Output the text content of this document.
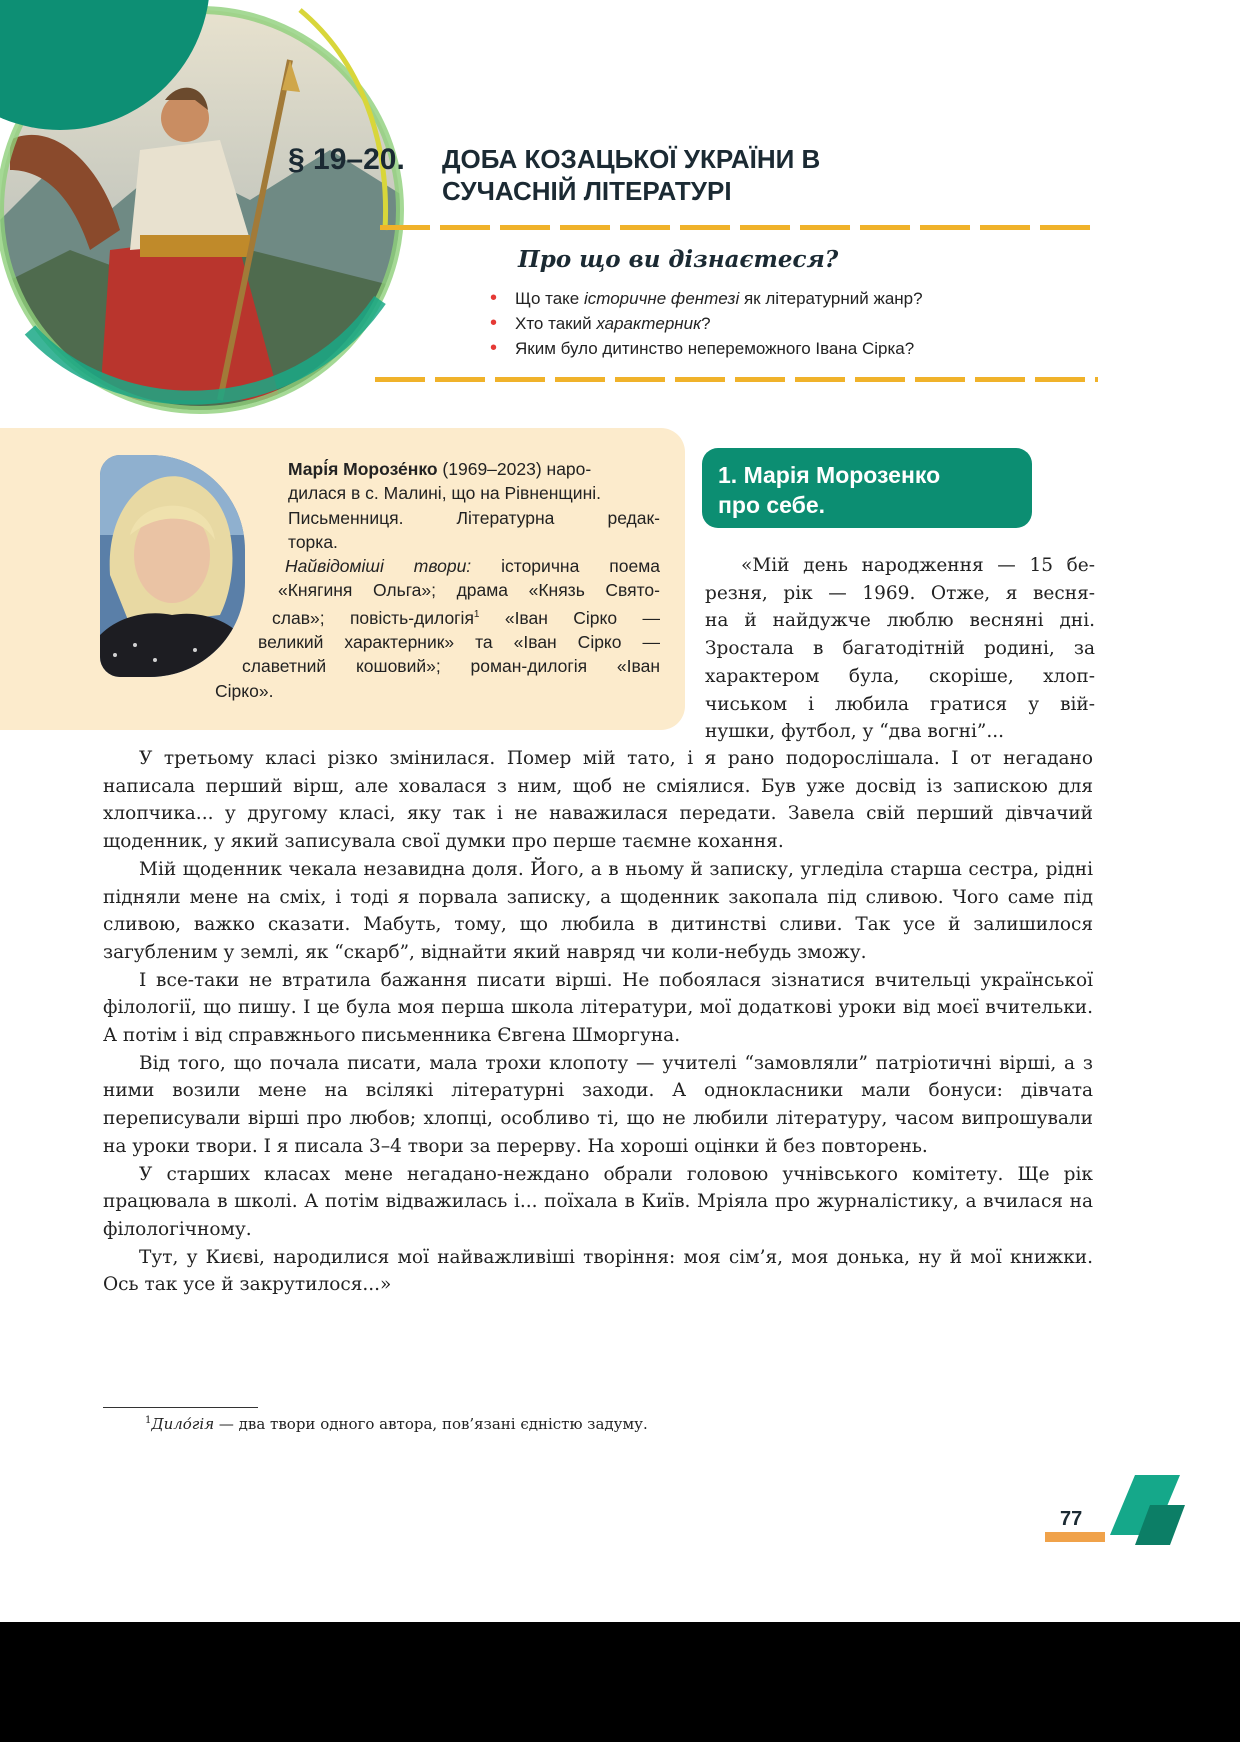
§ 19–20. ДОБА КОЗАЦЬКОЇ УКРАЇНИ В
СУЧАСНІЙ ЛІТЕРАТУРІ
Про що ви дізнаєтеся?
• Що таке історичне фентезі як літературний жанр?
• Хто такий характерник?
• Яким було дитинство непереможного Івана Сірка?

Марі́я Морозе́нко (1969–2023) наро-

дилася в с. Малині, що на Рівненщині.

Письменниця. Літературна редак-

торка.

Найвідоміші твори: історична поема

«Княгиня Ольга»; драма «Князь Свято-

слав»; повість-дилогія$^1$ «Іван Сірко —

великий характерник» та «Іван Сірко —

славетний кошовий»; роман-дилогія «Іван

Сірко».

1. Марія Морозенко
про себе.
«Мій день народження — 15 бе-
резня, рік — 1969. Отже, я весня-
на й найдужче люблю весняні дні.
Зростала в багатодітній родині, за
характером була, скоріше, хлоп-
чиськом і любила гратися у вій-
нушки, футбол, у “два вогні”...

У третьому класі різко змінилася. Помер мій тато, і я рано подорослішала. І от негадано написала перший вірш, але ховалася з ним, щоб не сміялися. Був уже досвід із запискою для хлопчика... у другому класі, яку так і не наважилася передати. Завела свій перший дівчачий щоденник, у який записувала свої думки про перше таємне кохання.

Мій щоденник чекала незавидна доля. Його, а в ньому й записку, угледіла старша сестра, рідні підняли мене на сміх, і тоді я порвала записку, а щоденник закопала під сливою. Чого саме під сливою, важко сказати. Мабуть, тому, що любила в дитинстві сливи. Так усе й залишилося загубленим у землі, як “скарб”, віднайти який навряд чи коли-небудь зможу.

І все-таки не втратила бажання писати вірші. Не побоялася зізнатися вчительці української філології, що пишу. І це була моя перша школа літератури, мої додаткові уроки від моєї вчительки. А потім і від справжнього письменника Євгена Шморгуна.

Від того, що почала писати, мала трохи клопоту — учителі “замовляли” патріотичні вірші, а з ними возили мене на всілякі літературні заходи. А однокласники мали бонуси: дівчата переписували вірші про любов; хлопці, особливо ті, що не любили літературу, часом випрошували на уроки твори. І я писала 3–4 твори за перерву. На хороші оцінки й без повторень.

У старших класах мене негадано-неждано обрали головою учнівського комітету. Ще рік працювала в школі. А потім відважилась і... поїхала в Київ. Мріяла про журналістику, а вчилася на філологічному.

Тут, у Києві, народилися мої найважливіші творіння: моя сім’я, моя донька, ну й мої книжки. Ось так усе й закрутилося...»

$^1$Дило́гія — два твори одного автора, пов’язані єдністю задуму.
77
